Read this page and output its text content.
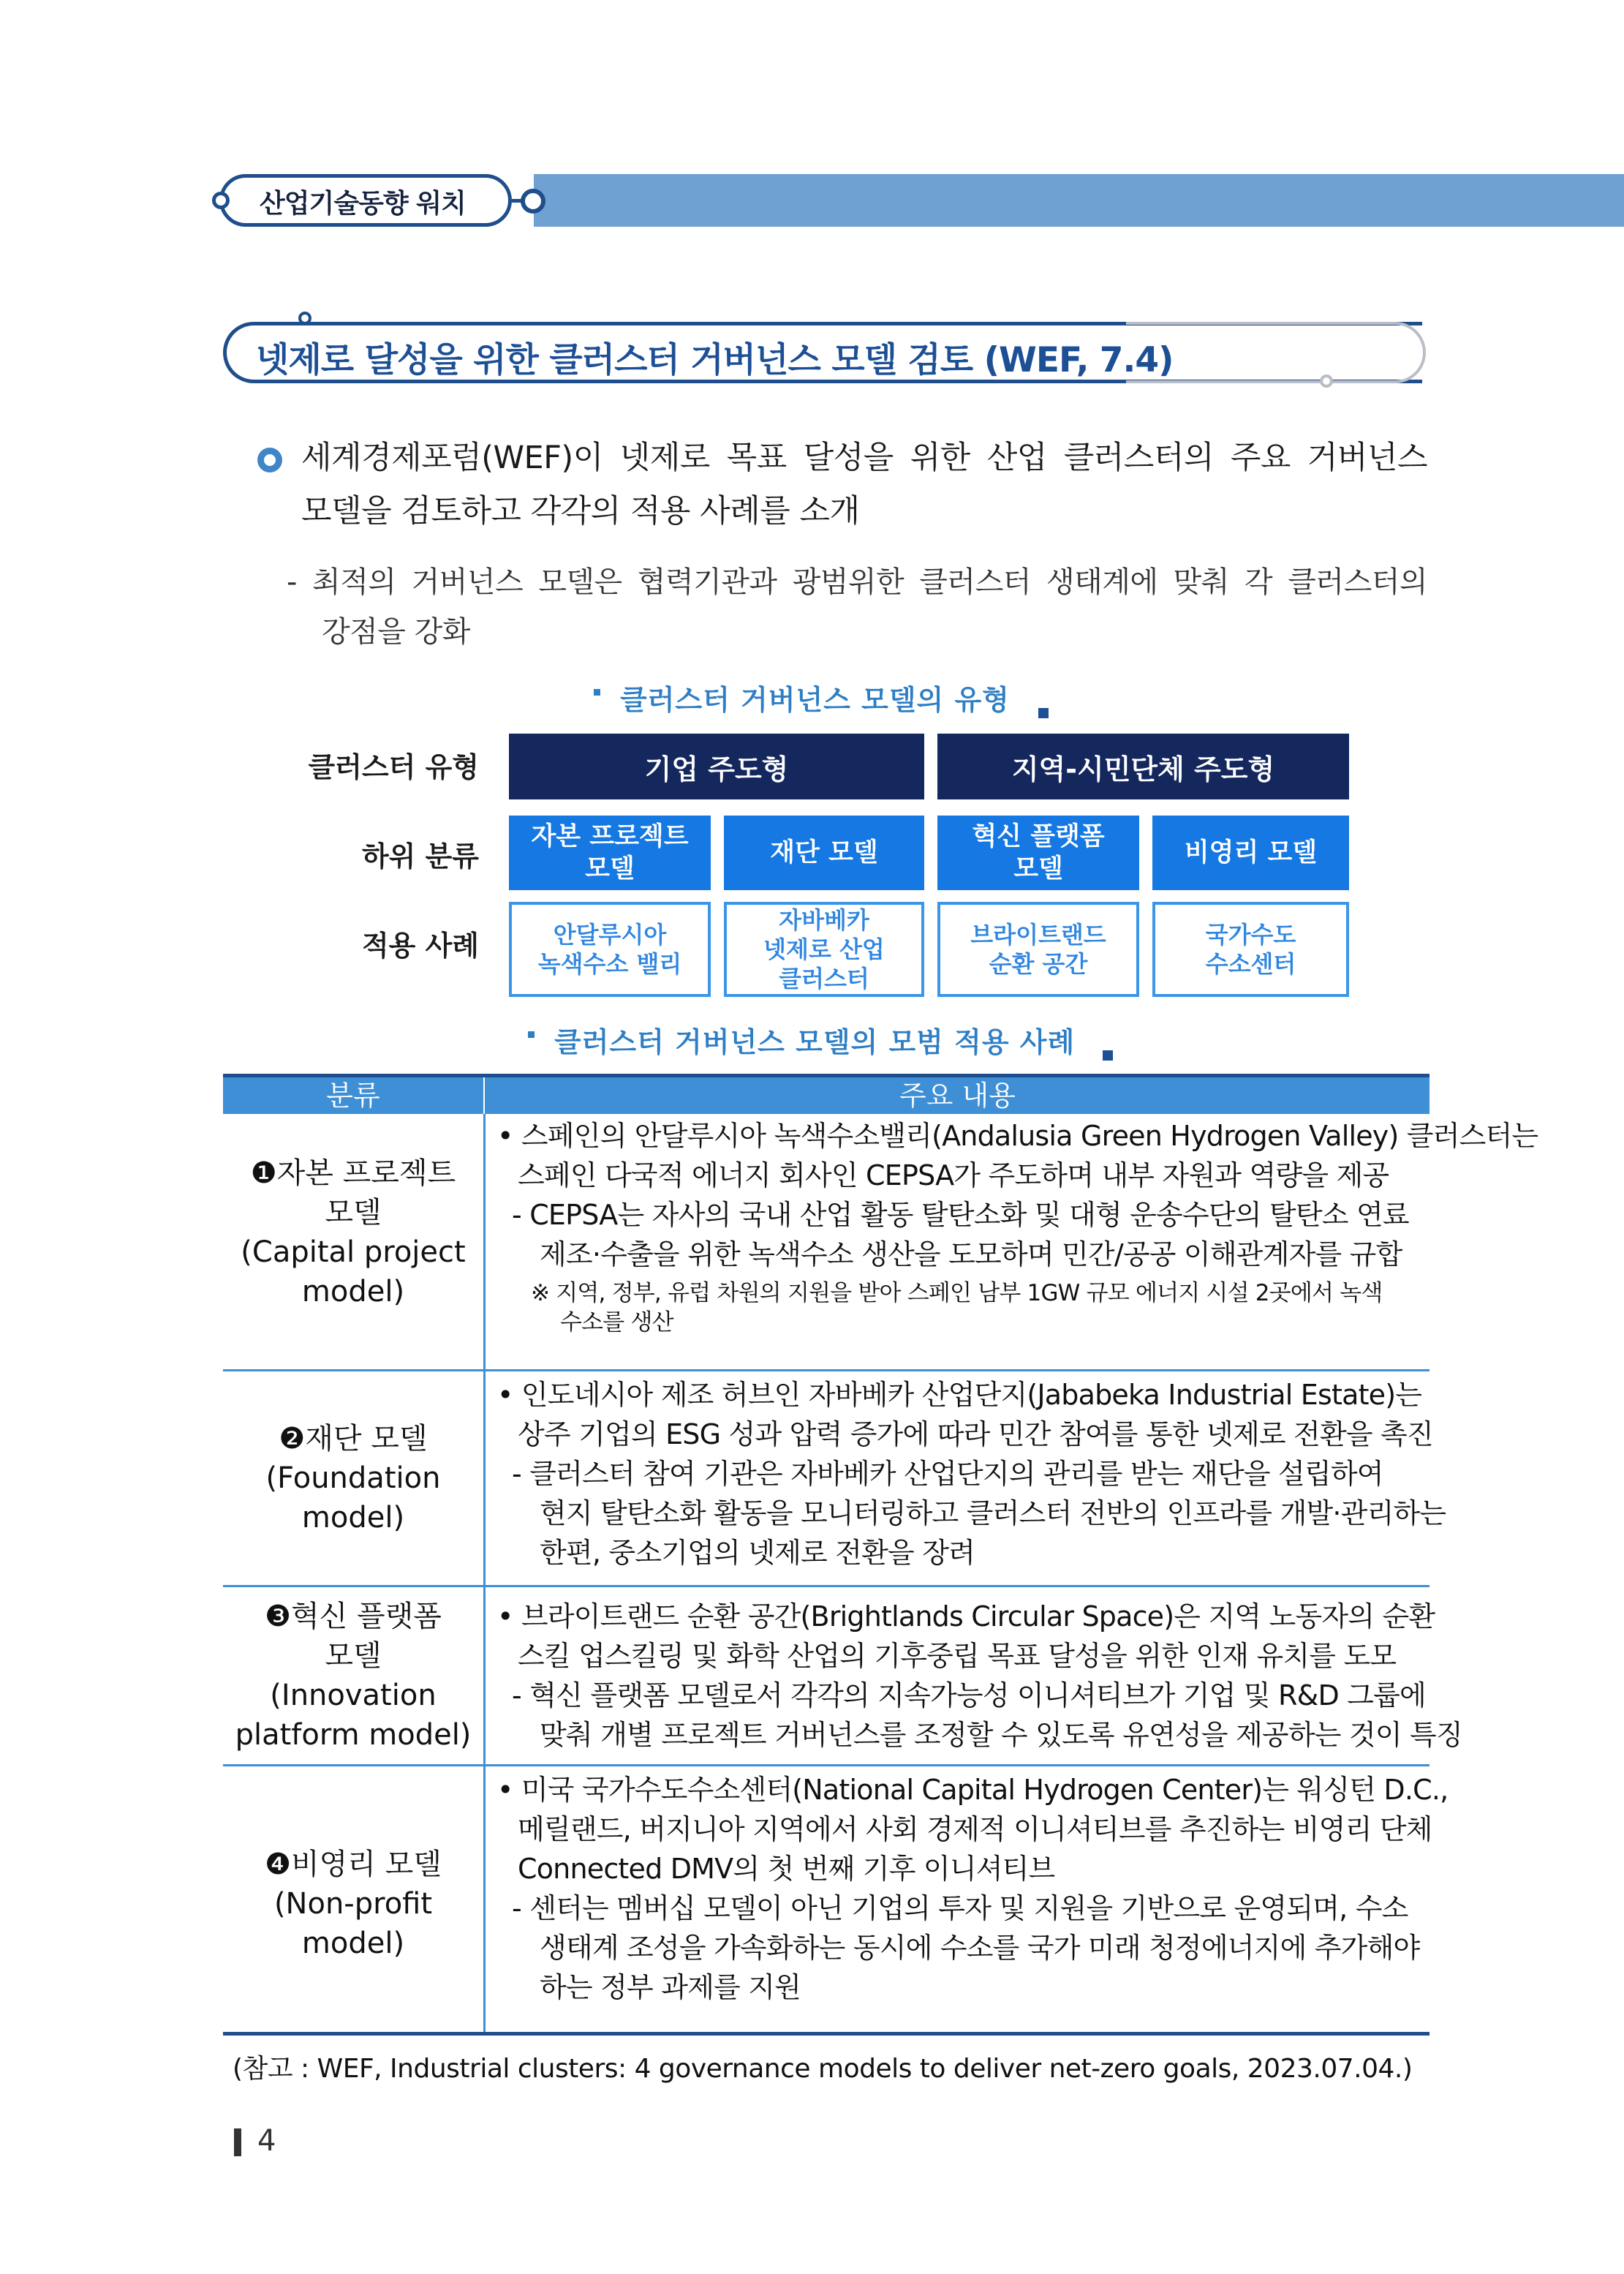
산업기술동향 워치
넷제로 달성을 위한 클러스터 거버넌스 모델 검토 (WEF, 7.4)
세계경제포럼(WEF)이 넷제로 목표 달성을 위한 산업 클러스터의 주요 거버넌스
모델을 검토하고 각각의 적용 사례를 소개
- 최적의 거버넌스 모델은 협력기관과 광범위한 클러스터 생태계에 맞춰 각 클러스터의
강점을 강화
클러스터 거버넌스 모델의 유형
클러스터 유형
하위 분류
적용 사례
기업 주도형	지역-시민단체 주도형
자본 프로젝트
모델
재단 모델
혁신 플랫폼
모델
비영리 모델
안달루시아
녹색수소 밸리
자바베카
넷제로 산업
클러스터
브라이트랜드
순환 공간
국가수도
수소센터
클러스터 거버넌스 모델의 모범 적용 사례
분류	주요 내용
❶자본 프로젝트
모델
(Capital project
model)
• 스페인의 안달루시아 녹색수소밸리(Andalusia Green Hydrogen Valley) 클러스터는
스페인 다국적 에너지 회사인 CEPSA가 주도하며 내부 자원과 역량을 제공
- CEPSA는 자사의 국내 산업 활동 탈탄소화 및 대형 운송수단의 탈탄소 연료
제조·수출을 위한 녹색수소 생산을 도모하며 민간/공공 이해관계자를 규합
※ 지역, 정부, 유럽 차원의 지원을 받아 스페인 남부 1GW 규모 에너지 시설 2곳에서 녹색
수소를 생산
❷재단 모델
(Foundation
model)
• 인도네시아 제조 허브인 자바베카 산업단지(Jababeka Industrial Estate)는
상주 기업의 ESG 성과 압력 증가에 따라 민간 참여를 통한 넷제로 전환을 촉진
- 클러스터 참여 기관은 자바베카 산업단지의 관리를 받는 재단을 설립하여
현지 탈탄소화 활동을 모니터링하고 클러스터 전반의 인프라를 개발·관리하는
한편, 중소기업의 넷제로 전환을 장려
❸혁신 플랫폼
모델
(Innovation
platform model)
• 브라이트랜드 순환 공간(Brightlands Circular Space)은 지역 노동자의 순환
스킬 업스킬링 및 화학 산업의 기후중립 목표 달성을 위한 인재 유치를 도모
- 혁신 플랫폼 모델로서 각각의 지속가능성 이니셔티브가 기업 및 R&D 그룹에
맞춰 개별 프로젝트 거버넌스를 조정할 수 있도록 유연성을 제공하는 것이 특징
❹비영리 모델
(Non-profit
model)
• 미국 국가수도수소센터(National Capital Hydrogen Center)는 워싱턴 D.C.,
메릴랜드, 버지니아 지역에서 사회 경제적 이니셔티브를 추진하는 비영리 단체
Connected DMV의 첫 번째 기후 이니셔티브
- 센터는 멤버십 모델이 아닌 기업의 투자 및 지원을 기반으로 운영되며, 수소
생태계 조성을 가속화하는 동시에 수소를 국가 미래 청정에너지에 추가해야
하는 정부 과제를 지원
(참고 : WEF, Industrial clusters: 4 governance models to deliver net-zero goals, 2023.07.04.)
4
